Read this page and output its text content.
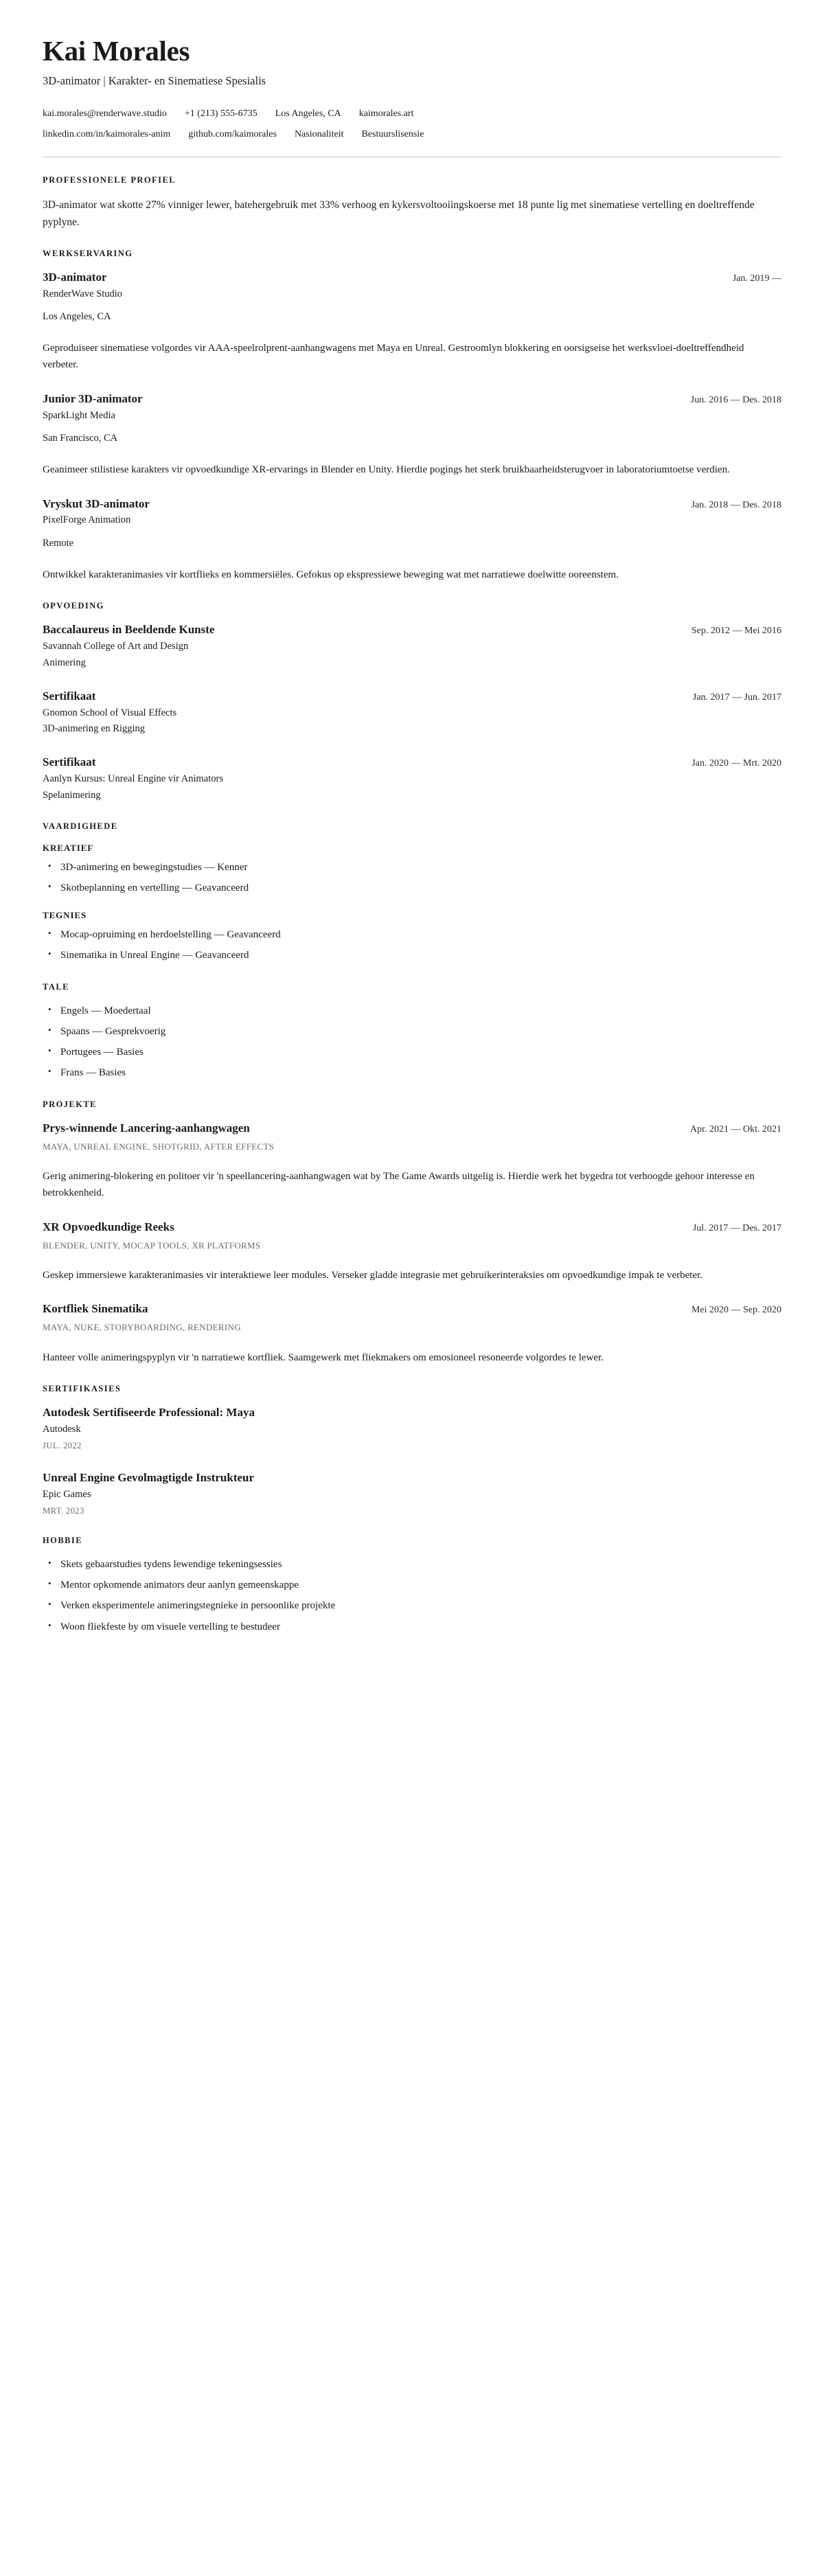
Kai Morales
3D-animator | Karakter- en Sinematiese Spesialis
kai.morales@renderwave.studio +1 (213) 555-6735 Los Angeles, CA kaimorales.art
linkedin.com/in/kaimorales-anim github.com/kaimorales Nasionaliteit Bestuurslisensie
PROFESSIONELE PROFIEL

3D-animator wat skotte 27% vinniger lewer, batehergebruik met 33% verhoog en kykersvoltooiingskoerse met 18 punte lig met sinematiese vertelling en doeltreffende pyplyne.

WERKSERVARING
3D-animator	Jan. 2019 —
RenderWave Studio
Los Angeles, CA

Geproduiseer sinematiese volgordes vir AAA-speelrolprent-aanhangwagens met Maya en Unreal. Gestroomlyn blokkering en oorsigseise het werksvloei-doeltreffendheid verbeter.

Junior 3D-animator	Jun. 2016 — Des. 2018
SparkLight Media
San Francisco, CA

Geanimeer stilistiese karakters vir opvoedkundige XR-ervarings in Blender en Unity. Hierdie pogings het sterk bruikbaarheidsterugvoer in laboratoriumtoetse verdien.

Vryskut 3D-animator	Jan. 2018 — Des. 2018
PixelForge Animation
Remote

Ontwikkel karakteranimasies vir kortflieks en kommersiëles. Gefokus op ekspressiewe beweging wat met narratiewe doelwitte ooreenstem.

OPVOEDING
Baccalaureus in Beeldende Kunste	Sep. 2012 — Mei 2016
Savannah College of Art and Design
Animering
Sertifikaat	Jan. 2017 — Jun. 2017
Gnomon School of Visual Effects
3D-animering en Rigging
Sertifikaat	Jan. 2020 — Mrt. 2020
Aanlyn Kursus: Unreal Engine vir Animators
Spelanimering
VAARDIGHEDE
KREATIEF
• 3D-animering en bewegingstudies — Kenner
• Skotbeplanning en vertelling — Geavanceerd
TEGNIES
• Mocap-opruiming en herdoelstelling — Geavanceerd
• Sinematika in Unreal Engine — Geavanceerd
TALE
• Engels — Moedertaal
• Spaans — Gesprekvoerig
• Portugees — Basies
• Frans — Basies
PROJEKTE
Prys-winnende Lancering-aanhangwagen	Apr. 2021 — Okt. 2021
MAYA, UNREAL ENGINE, SHOTGRID, AFTER EFFECTS

Gerig animering-blokering en politoer vir 'n speellancering-aanhangwagen wat by The Game Awards uitgelig is. Hierdie werk het bygedra tot verhoogde gehoor interesse en betrokkenheid.

XR Opvoedkundige Reeks	Jul. 2017 — Des. 2017
BLENDER, UNITY, MOCAP TOOLS, XR PLATFORMS

Geskep immersiewe karakteranimasies vir interaktiewe leer modules. Verseker gladde integrasie met gebruikerinteraksies om opvoedkundige impak te verbeter.

Kortfliek Sinematika	Mei 2020 — Sep. 2020
MAYA, NUKE, STORYBOARDING, RENDERING

Hanteer volle animeringspyplyn vir 'n narratiewe kortfliek. Saamgewerk met fliekmakers om emosioneel resoneerde volgordes te lewer.

SERTIFIKASIES
Autodesk Sertifiseerde Professional: Maya
Autodesk
JUL. 2022
Unreal Engine Gevolmagtigde Instrukteur
Epic Games
MRT. 2023
HOBBIE
• Skets gebaarstudies tydens lewendige tekeningsessies
• Mentor opkomende animators deur aanlyn gemeenskappe
• Verken eksperimentele animeringstegnieke in persoonlike projekte
• Woon fliekfeste by om visuele vertelling te bestudeer
